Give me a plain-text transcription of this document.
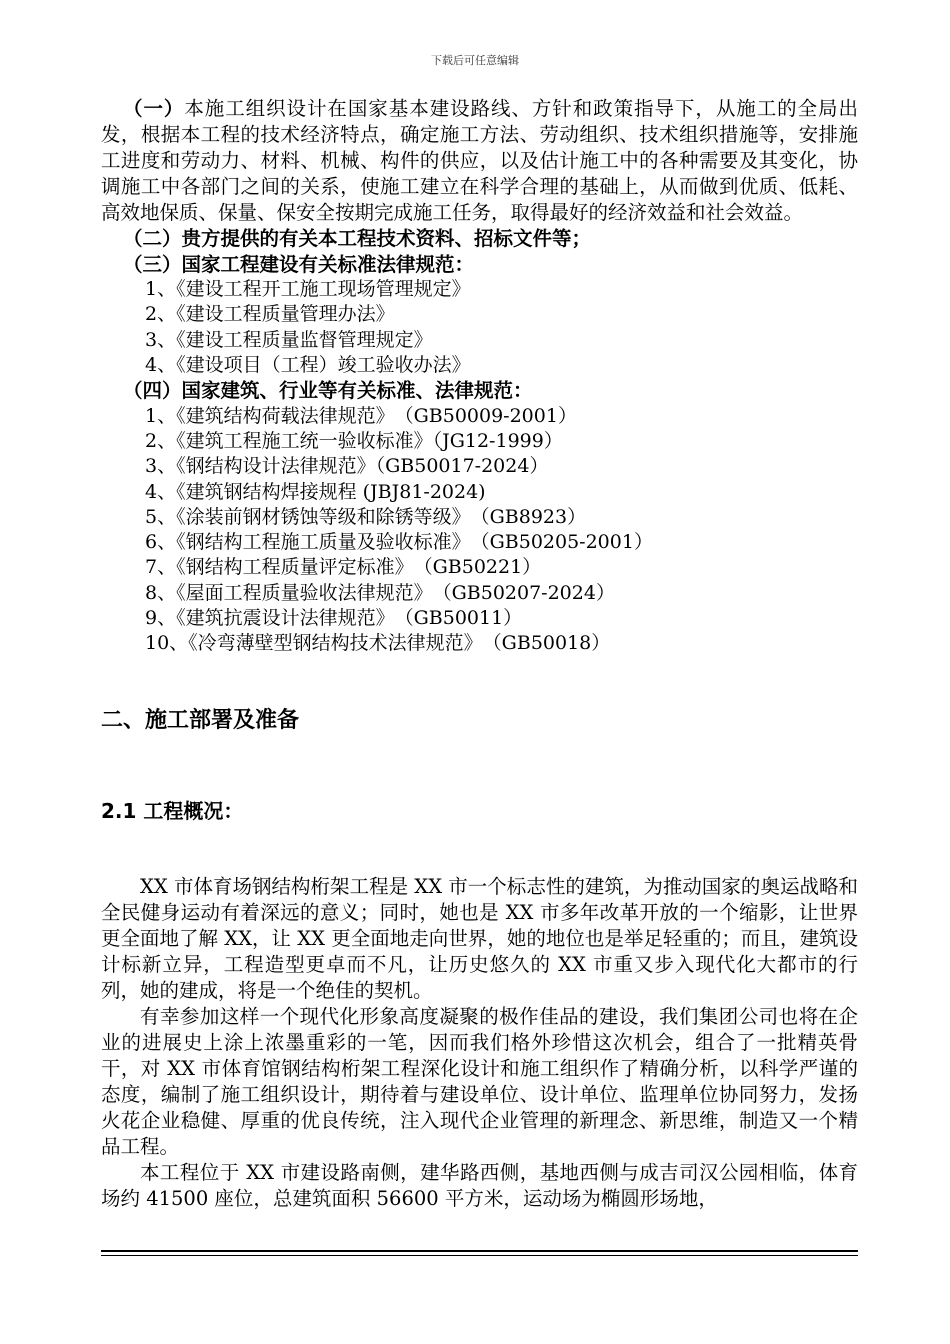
下载后可任意编辑

（一）本施工组织设计在国家基本建设路线、方针和政策指导下，从施工的全局出发，根据本工程的技术经济特点，确定施工方法、劳动组织、技术组织措施等，安排施工进度和劳动力、材料、机械、构件的供应，以及估计施工中的各种需要及其变化，协调施工中各部门之间的关系，使施工建立在科学合理的基础上，从而做到优质、低耗、高效地保质、保量、保安全按期完成施工任务，取得最好的经济效益和社会效益。

（二）贵方提供的有关本工程技术资料、招标文件等；

（三）国家工程建设有关标准法律规范：

1、《建设工程开工施工现场管理规定》
2、《建设工程质量管理办法》
3、《建设工程质量监督管理规定》
4、《建设项目（工程）竣工验收办法》

（四）国家建筑、行业等有关标准、法律规范：

1、《建筑结构荷载法律规范》　（GB50009-2001）
2、《建筑工程施工统一验收标准》（JG12-1999）
3、《钢结构设计法律规范》（GB50017-2024）
4、《建筑钢结构焊接规程 (JBJ81-2024)
5、《涂装前钢材锈蚀等级和除锈等级》　（GB8923）
6、《钢结构工程施工质量及验收标准》　（GB50205-2001）
7、《钢结构工程质量评定标准》　（GB50221）
8、《屋面工程质量验收法律规范》　（GB50207-2024）
9、《建筑抗震设计法律规范》　（GB50011）
10、《冷弯薄壁型钢结构技术法律规范》　（GB50018）
二、施工部署及准备
2.1 工程概况：

XX 市体育场钢结构桁架工程是 XX 市一个标志性的建筑，为推动国家的奥运战略和全民健身运动有着深远的意义；同时，她也是 XX 市多年改革开放的一个缩影，让世界更全面地了解 XX，让 XX 更全面地走向世界，她的地位也是举足轻重的；而且，建筑设计标新立异，工程造型更卓而不凡，让历史悠久的 XX 市重又步入现代化大都市的行列，她的建成，将是一个绝佳的契机。

有幸参加这样一个现代化形象高度凝聚的极作佳品的建设，我们集团公司也将在企业的进展史上涂上浓墨重彩的一笔，因而我们格外珍惜这次机会，组合了一批精英骨干，对 XX 市体育馆钢结构桁架工程深化设计和施工组织作了精确分析，以科学严谨的态度，编制了施工组织设计，期待着与建设单位、设计单位、监理单位协同努力，发扬火花企业稳健、厚重的优良传统，注入现代企业管理的新理念、新思维，制造又一个精品工程。

本工程位于 XX 市建设路南侧，建华路西侧，基地西侧与成吉司汉公园相临，体育场约 41500 座位，总建筑面积 56600 平方米，运动场为椭圆形场地，
